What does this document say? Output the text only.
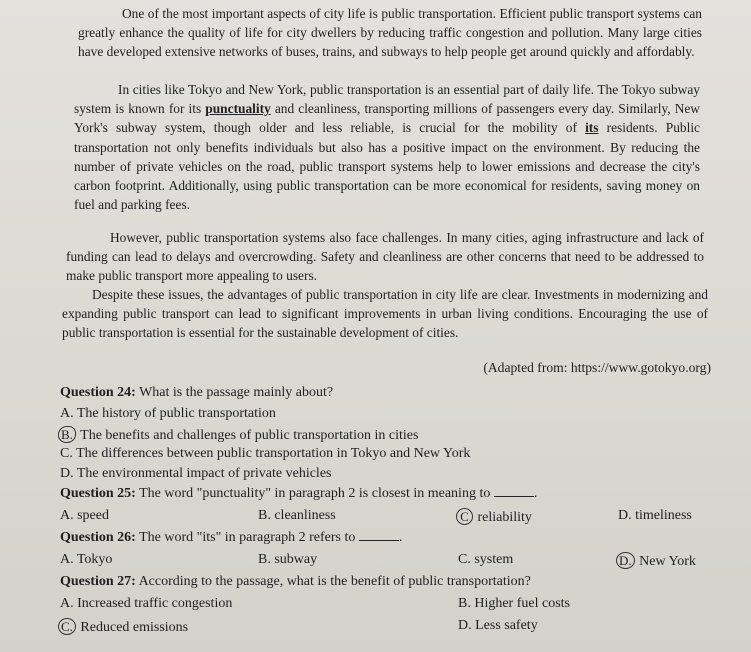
One of the most important aspects of city life is public transportation. Efficient public transport systems can greatly enhance the quality of life for city dwellers by reducing traffic congestion and pollution. Many large cities have developed extensive networks of buses, trains, and subways to help people get around quickly and affordably.

In cities like Tokyo and New York, public transportation is an essential part of daily life. The Tokyo subway system is known for its punctuality and cleanliness, transporting millions of passengers every day. Similarly, New York's subway system, though older and less reliable, is crucial for the mobility of its residents. Public transportation not only benefits individuals but also has a positive impact on the environment. By reducing the number of private vehicles on the road, public transport systems help to lower emissions and decrease the city's carbon footprint. Additionally, using public transportation can be more economical for residents, saving money on fuel and parking fees.

However, public transportation systems also face challenges. In many cities, aging infrastructure and lack of funding can lead to delays and overcrowding. Safety and cleanliness are other concerns that need to be addressed to make public transport more appealing to users.

Despite these issues, the advantages of public transportation in city life are clear. Investments in modernizing and expanding public transport can lead to significant improvements in urban living conditions. Encouraging the use of public transportation is essential for the sustainable development of cities.

(Adapted from: https://www.gotokyo.org)
Question 24: What is the passage mainly about?
A. The history of public transportation
B. The benefits and challenges of public transportation in cities
C. The differences between public transportation in Tokyo and New York
D. The environmental impact of private vehicles
Question 25: The word "punctuality" in paragraph 2 is closest in meaning to	.
A. speed	B. cleanliness	C reliability	D. timeliness
Question 26: The word "its" in paragraph 2 refers to	.
A. Tokyo	B. subway	C. system	D. New York
Question 27: According to the passage, what is the benefit of public transportation?
A. Increased traffic congestion	B. Higher fuel costs
C. Reduced emissions	D. Less safety
